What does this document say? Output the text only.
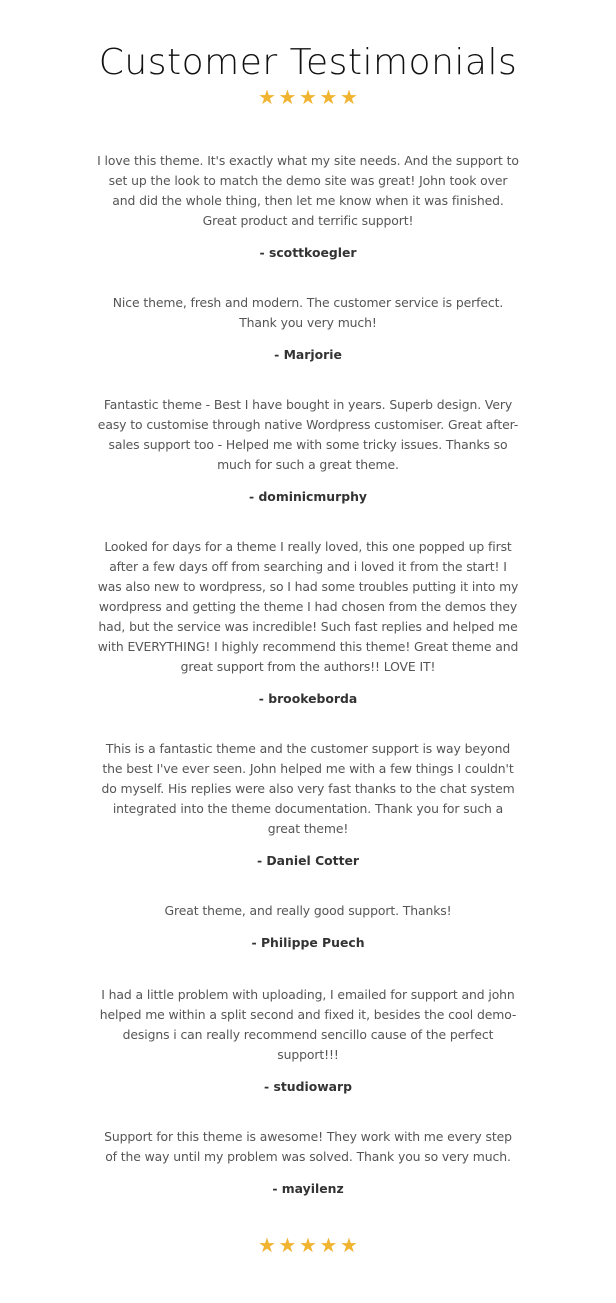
Customer Testimonials
★ ★ ★ ★ ★

I love this theme. It's exactly what my site needs. And the support to set up the look to match the demo site was great! John took over and did the whole thing, then let me know when it was finished. Great product and terrific support!

- scottkoegler

Nice theme, fresh and modern. The customer service is perfect. Thank you very much!

- Marjorie

Fantastic theme - Best I have bought in years. Superb design. Very easy to customise through native Wordpress customiser. Great after-sales support too - Helped me with some tricky issues. Thanks so much for such a great theme.

- dominicmurphy

Looked for days for a theme I really loved, this one popped up first after a few days off from searching and i loved it from the start! I was also new to wordpress, so I had some troubles putting it into my wordpress and getting the theme I had chosen from the demos they had, but the service was incredible! Such fast replies and helped me with EVERYTHING! I highly recommend this theme! Great theme and great support from the authors!! LOVE IT!

- brookeborda

This is a fantastic theme and the customer support is way beyond the best I've ever seen. John helped me with a few things I couldn't do myself. His replies were also very fast thanks to the chat system integrated into the theme documentation. Thank you for such a great theme!

- Daniel Cotter

Great theme, and really good support. Thanks!

- Philippe Puech

I had a little problem with uploading, I emailed for support and john helped me within a split second and fixed it, besides the cool demo-designs i can really recommend sencillo cause of the perfect support!!!

- studiowarp

Support for this theme is awesome! They work with me every step of the way until my problem was solved. Thank you so very much.

- mayilenz

★ ★ ★ ★ ★
